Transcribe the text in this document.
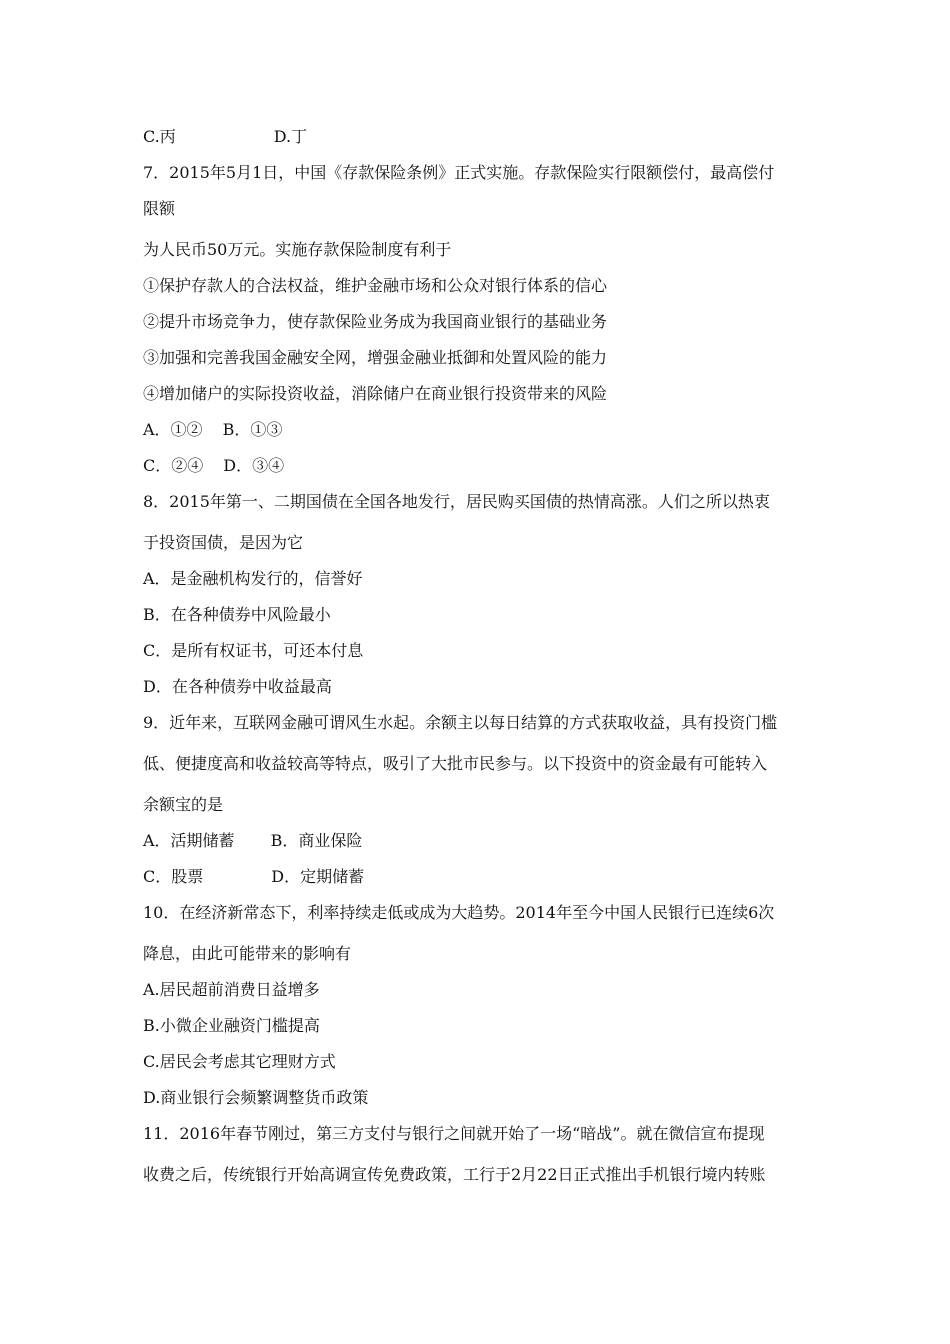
C.丙	D.丁
7．2015年5月1日，中国《存款保险条例》正式实施。存款保险实行限额偿付，最高偿付
限额
为人民币50万元。实施存款保险制度有利于
①保护存款人的合法权益，维护金融市场和公众对银行体系的信心
②提升市场竞争力，使存款保险业务成为我国商业银行的基础业务
③加强和完善我国金融安全网，增强金融业抵御和处置风险的能力
④增加储户的实际投资收益，消除储户在商业银行投资带来的风险
A．①② B．①③
C．②④ D．③④
8．2015年第一、二期国债在全国各地发行，居民购买国债的热情高涨。人们之所以热衷
于投资国债，是因为它
A．是金融机构发行的，信誉好
B．在各种债券中风险最小
C．是所有权证书，可还本付息
D．在各种债券中收益最高
9．近年来，互联网金融可谓风生水起。余额主以每日结算的方式获取收益，具有投资门槛
低、便捷度高和收益较高等特点，吸引了大批市民参与。以下投资中的资金最有可能转入
余额宝的是
A．活期储蓄 B．商业保险
C．股票	D．定期储蓄
10．在经济新常态下，利率持续走低或成为大趋势。2014年至今中国人民银行已连续6次
降息，由此可能带来的影响有
A.居民超前消费日益增多
B.小微企业融资门槛提高
C.居民会考虑其它理财方式
D.商业银行会频繁调整货币政策
11．2016年春节刚过，第三方支付与银行之间就开始了一场“暗战”。就在微信宣布提现
收费之后，传统银行开始高调宣传免费政策，工行于2月22日正式推出手机银行境内转账
